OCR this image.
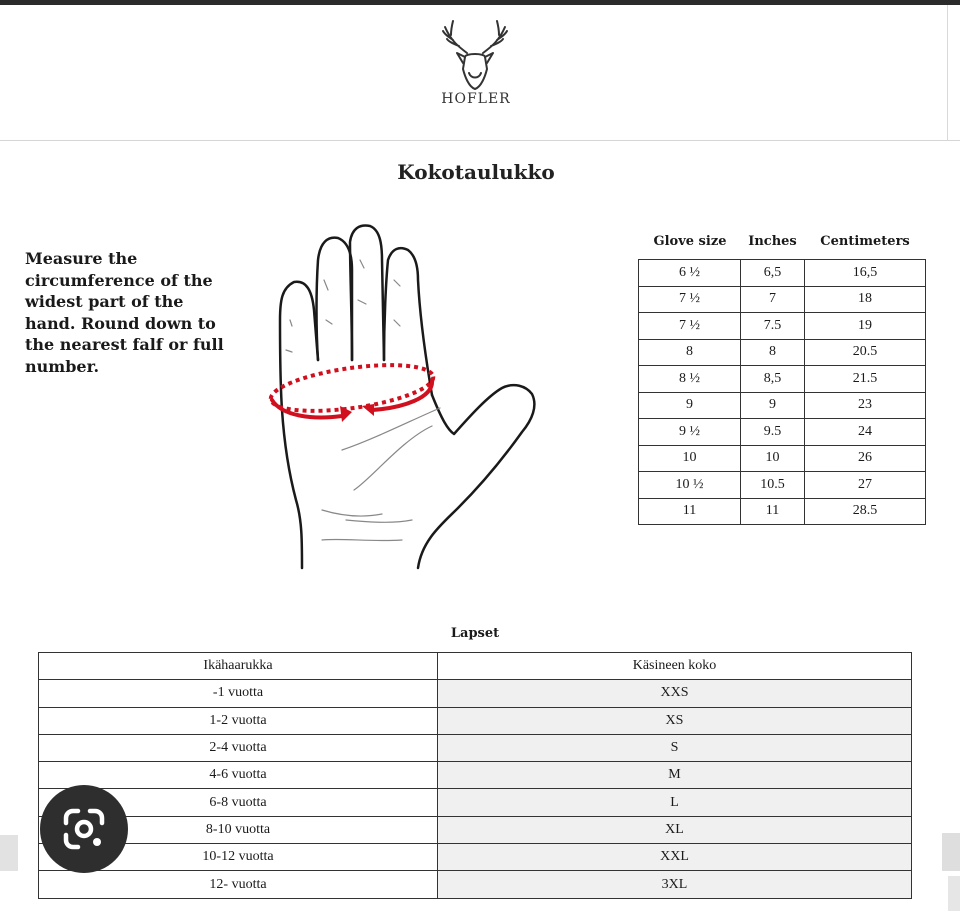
HOFLER
Kokotaulukko
Measure the circumference of the widest part of the hand. Round down to the nearest falf or full number.
Glove size	Inches	Centimeters
6 ½	6,5	16,5
7 ½	7	18
7 ½	7.5	19
8	8	20.5
8 ½	8,5	21.5
9	9	23
9 ½	9.5	24
10	10	26
10 ½	10.5	27
11	11	28.5
Lapset
Ikähaarukka	Käsineen koko
-1 vuotta	XXS
1-2 vuotta	XS
2-4 vuotta	S
4-6 vuotta	M
6-8 vuotta	L
8-10 vuotta	XL
10-12 vuotta	XXL
12- vuotta	3XL
